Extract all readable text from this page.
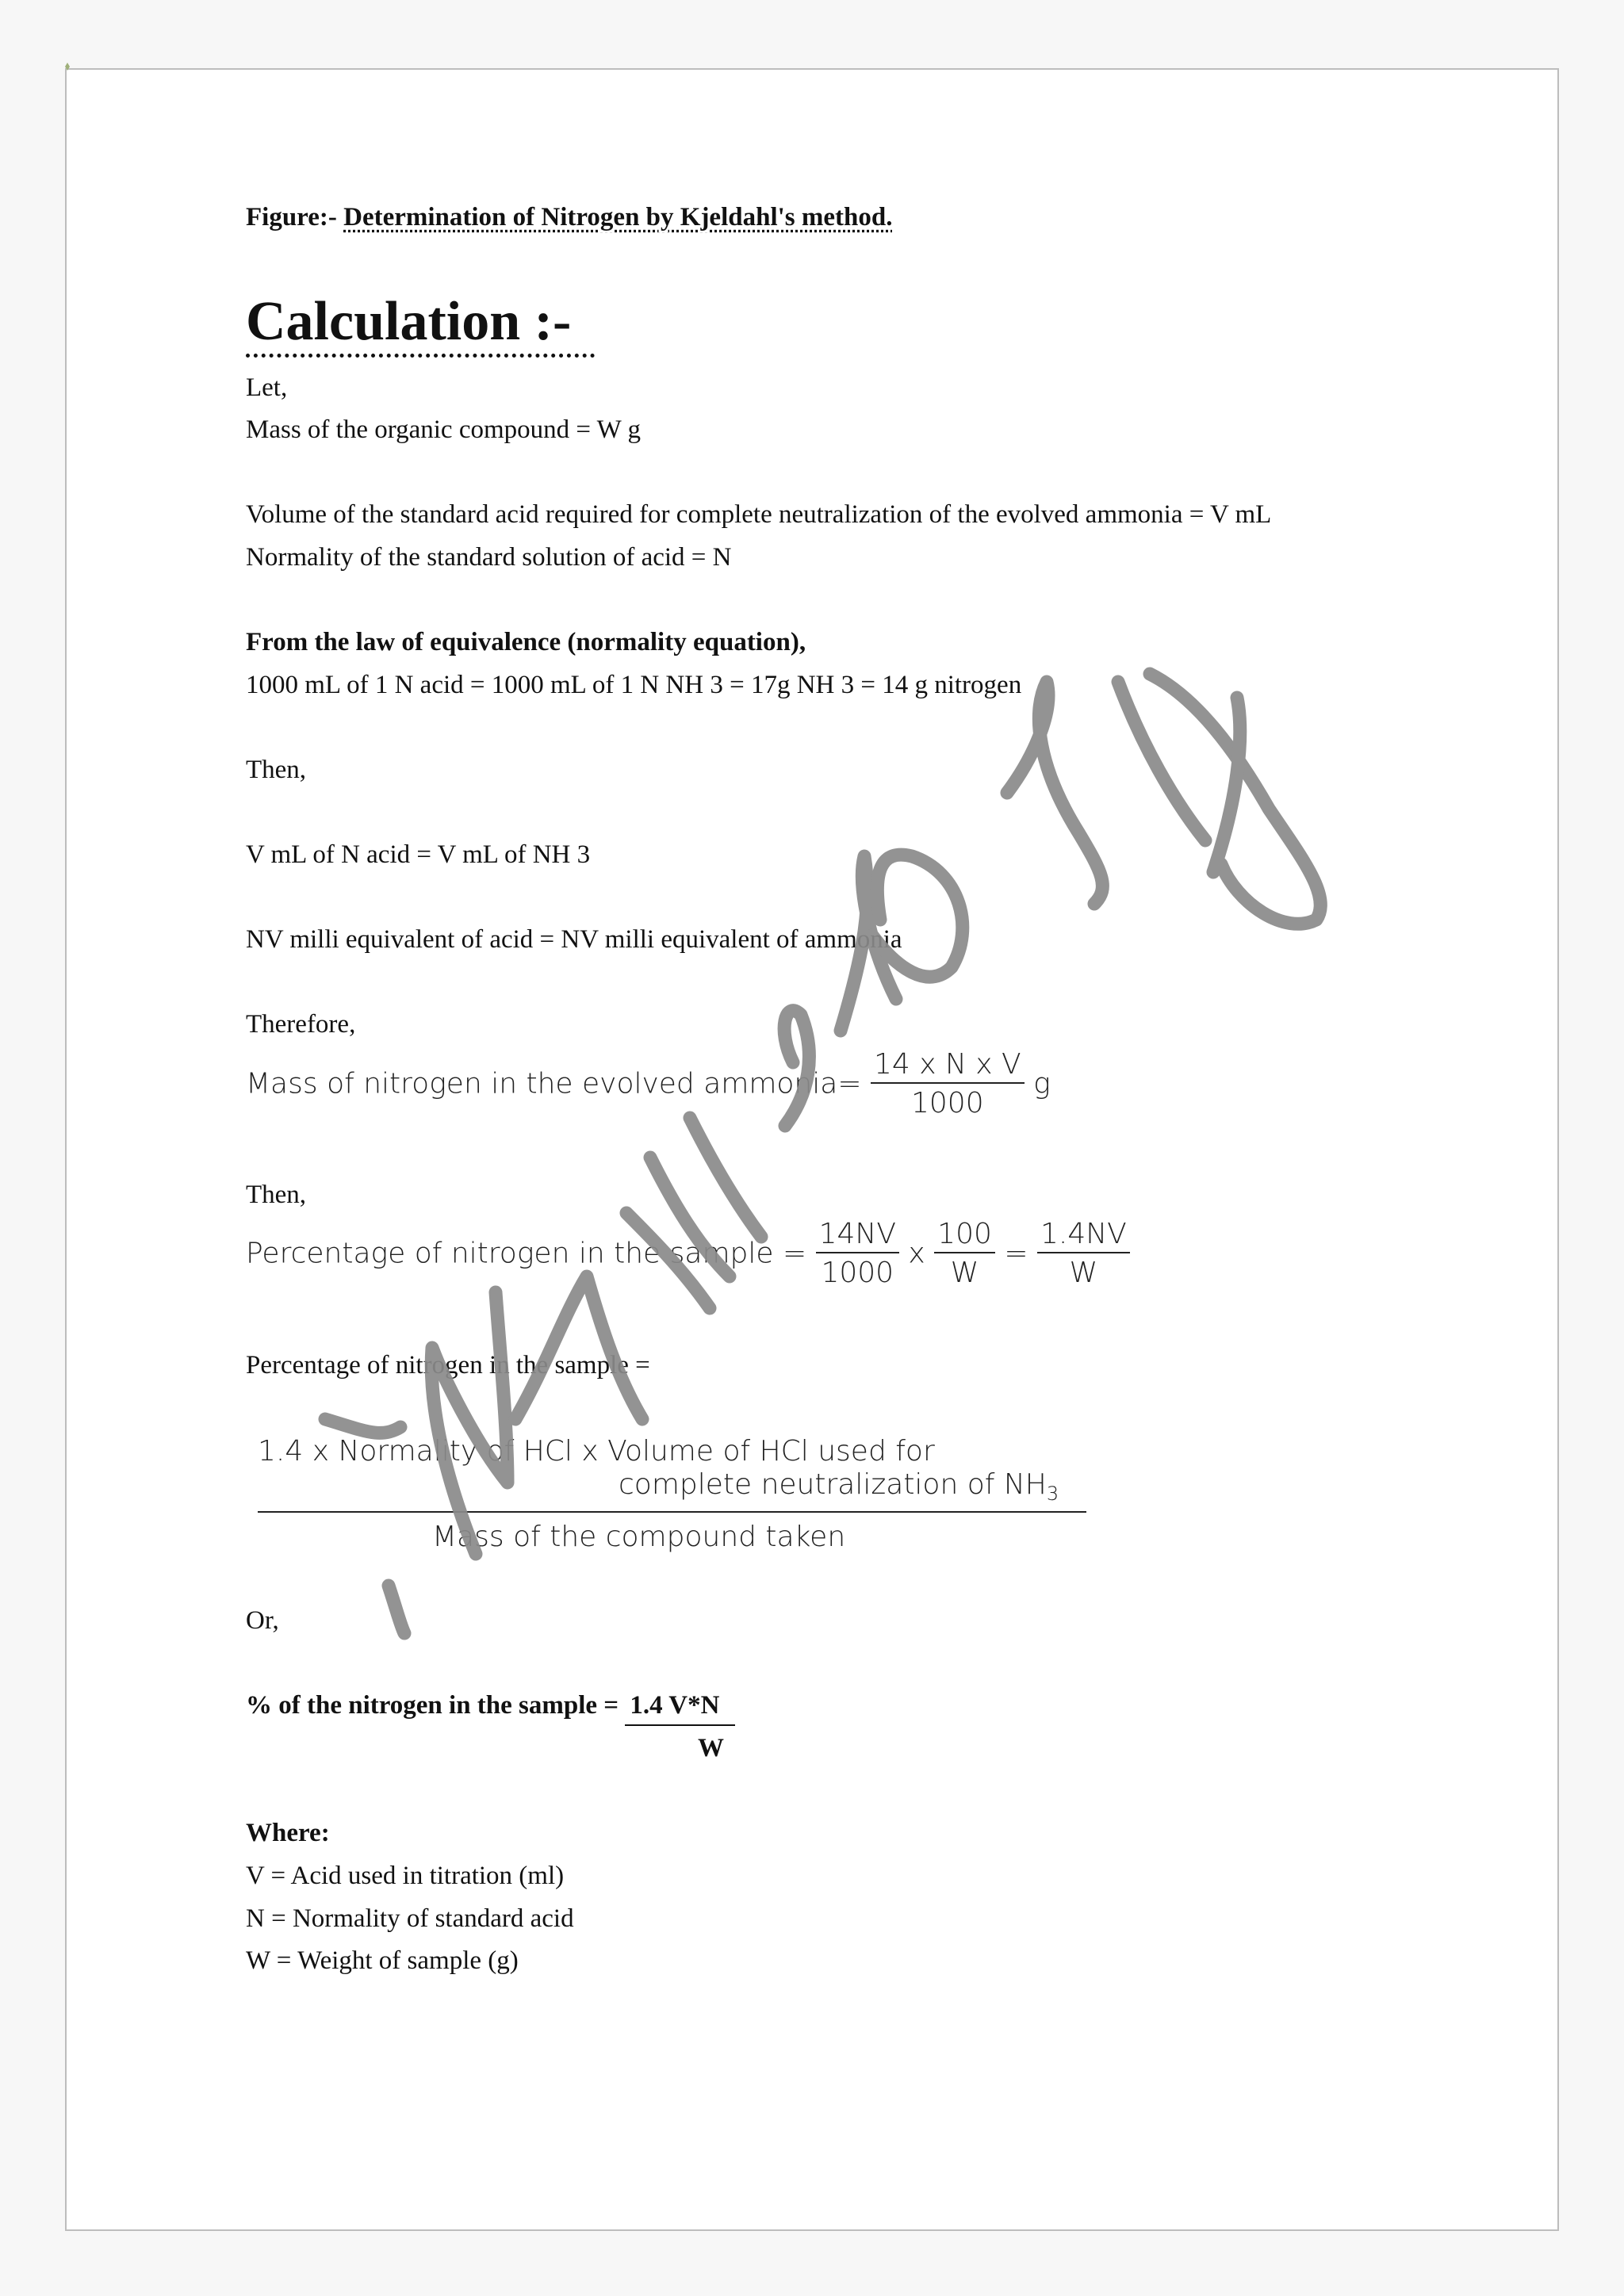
Figure:- Determination of Nitrogen by Kjeldahl's method.
Calculation :-
Let,
Mass of the organic compound = W g
Volume of the standard acid required for complete neutralization of the evolved ammonia = V mL
Normality of the standard solution of acid = N
From the law of equivalence (normality equation),
1000 mL of 1 N acid = 1000 mL of 1 N NH 3 = 17g NH 3 = 14 g nitrogen
Then,
V mL of N acid = V mL of NH 3
NV milli equivalent of acid = NV milli equivalent of ammonia
Therefore,
Mass of nitrogen in the evolved ammonia= $\frac{\text{14 x N x V}}{1000}$ g
Then,
Percentage of nitrogen in the sample = $\frac{14NV}{1000}$ x $\frac{100}{W} = \frac{1.4NV}{W}$
Percentage of nitrogen in the sample =
1.4 x Normality of HCl x Volume of HCl used for
complete neutralization of $NH_3$
Mass of the compound taken
Or,
% of the nitrogen in the sample = 1.4 V*N
W
Where:
V = Acid used in titration (ml)
N = Normality of standard acid
W = Weight of sample (g)
